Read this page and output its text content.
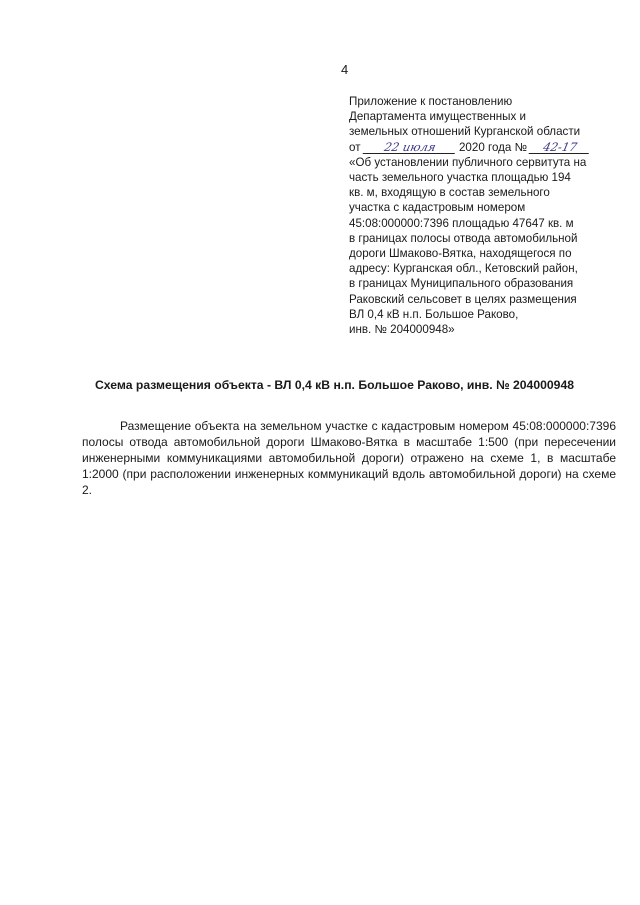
4
Приложение к постановлению
Департамента имущественных и
земельных отношений Курганской области
от 22 июля 2020 года № 42-17
«Об установлении публичного сервитута на
часть земельного участка площадью 194
кв. м, входящую в состав земельного
участка с кадастровым номером
45:08:000000:7396 площадью 47647 кв. м
в границах полосы отвода автомобильной
дороги Шмаково-Вятка, находящегося по
адресу: Курганская обл., Кетовский район,
в границах Муниципального образования
Раковский сельсовет в целях размещения
ВЛ 0,4 кВ н.п. Большое Раково,
инв. № 204000948»
Схема размещения объекта - ВЛ 0,4 кВ н.п. Большое Раково, инв. № 204000948
Размещение объекта на земельном участке с кадастровым номером 45:08:000000:7396 полосы отвода автомобильной дороги Шмаково-Вятка в масштабе 1:500 (при пересечении инженерными коммуникациями автомобильной дороги) отражено на схеме 1, в масштабе 1:2000 (при расположении инженерных коммуникаций вдоль автомобильной дороги) на схеме 2.
